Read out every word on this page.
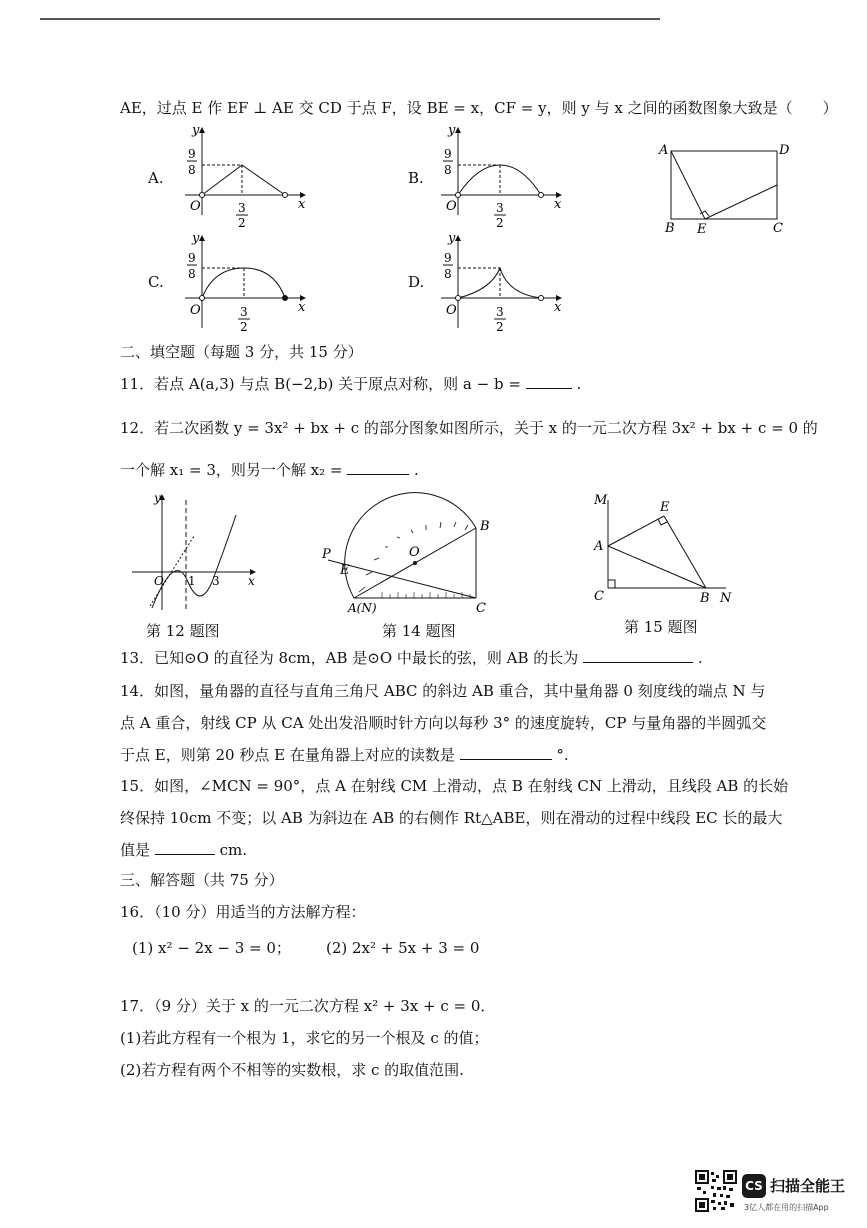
AE，过点 E 作 EF ⊥ AE 交 CD 于点 F，设 BE = x，CF = y，则 y 与 x 之间的函数图象大致是（　　）
y
x
O
9
8
3
2
A.
y
x
O
9
8
3
2
B.
A	D
B E	C
y
x
O
9
8
3
2
C.
y
x
O
9
8
3
2
D.
二、填空题（每题 3 分，共 15 分）
11．若点 A(a,3) 与点 B(−2,b) 关于原点对称，则 a − b =	.
12．若二次函数 y = 3x² + bx + c 的部分图象如图所示，关于 x 的一元二次方程 3x² + bx + c = 0 的
一个解 x₁ = 3，则另一个解 x₂ =	.
y
O 1 3 x
第 12 题图
B
O
P
E
A(N)	C
第 14 题图
M	E
A
C	B N
第 15 题图
13．已知⊙O 的直径为 8cm，AB 是⊙O 中最长的弦，则 AB 的长为	.
14．如图，量角器的直径与直角三角尺 ABC 的斜边 AB 重合，其中量角器 0 刻度线的端点 N 与
点 A 重合，射线 CP 从 CA 处出发沿顺时针方向以每秒 3° 的速度旋转，CP 与量角器的半圆弧交
于点 E，则第 20 秒点 E 在量角器上对应的读数是	°.
15．如图，∠MCN = 90°，点 A 在射线 CM 上滑动，点 B 在射线 CN 上滑动，且线段 AB 的长始
终保持 10cm 不变；以 AB 为斜边在 AB 的右侧作 Rt△ABE，则在滑动的过程中线段 EC 长的最大
值是	cm.
三、解答题（共 75 分）
16．（10 分）用适当的方法解方程：
(1) x² − 2x − 3 = 0； (2) 2x² + 5x + 3 = 0
17．（9 分）关于 x 的一元二次方程 x² + 3x + c = 0．
(1)若此方程有一个根为 1，求它的另一个根及 c 的值；
(2)若方程有两个不相等的实数根，求 c 的取值范围.
CS 扫描全能王
3亿人都在用的扫描App
